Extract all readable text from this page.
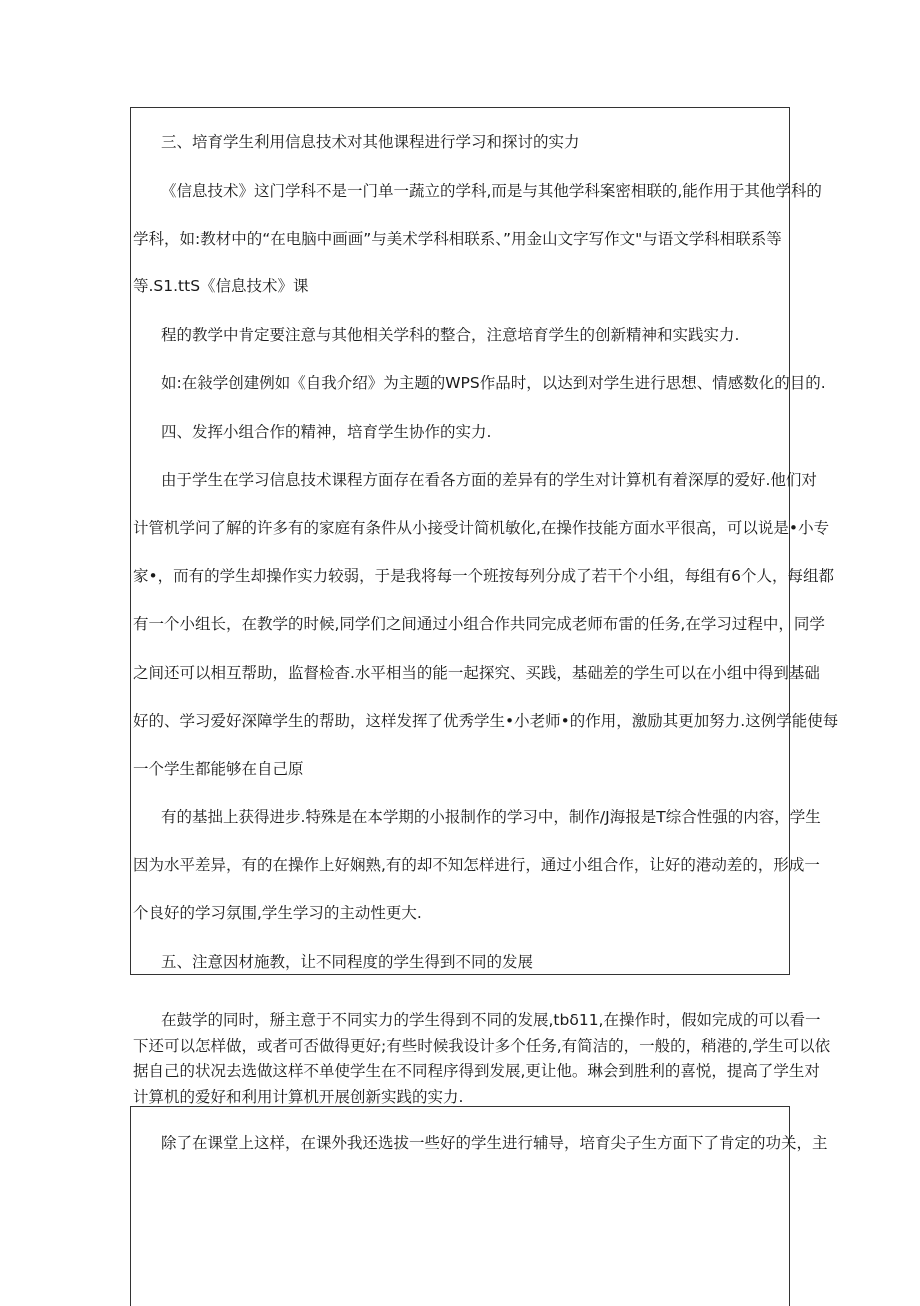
三、培育学生利用信息技术对其他课程进行学习和探讨的实力
《信息技术》这门学科不是一门单一蔬立的学科,而是与其他学科案密相联的,能作用于其他学科的
学科，如:教材中的“在电脑中画画”与美术学科相联系、”用金山文字写作文"与语文学科相联系等
等.S1.ttS《信息技术》课
程的教学中肯定要注意与其他相关学科的整合，注意培育学生的创新精神和实践实力.
如:在敍学创建例如《自我介绍》为主题的WPS作品时，以达到对学生进行思想、情感数化的目的.
四、发挥小组合作的精神，培育学生协作的实力.
由于学生在学习信息技术课程方面存在看各方面的差异有的学生对计算机有着深厚的爱好.他们对
计管机学问了解的许多有的家庭有条件从小接受计简机敏化,在操作技能方面水平很高，可以说是•小专
家•，而有的学生却操作实力较弱，于是我将每一个班按每列分成了若干个小组，每组有6个人，每组都
有一个小组长，在教学的时候,同学们之间通过小组合作共同完成老师布雷的任务,在学习过程中，同学
之间还可以相互帮助，监督检杳.水平相当的能一起探究、买践，基础差的学生可以在小组中得到基础
好的、学习爱好深障学生的帮助，这样发挥了优秀学生•小老师•的作用，激励其更加努力.这例学能使每
一个学生都能够在自己原
有的基拙上获得进步.特殊是在本学期的小报制作的学习中，制作/J海报是T综合性强的内容，学生
因为水平差异，有的在操作上好娴熟,有的却不知怎样进行，通过小组合作，让好的港动差的，形成一
个良好的学习氛围,学生学习的主动性更大.
五、注意因材施教，让不同程度的学生得到不同的发展
在鼓学的同时，掰主意于不同实力的学生得到不同的发展,tbδ11,在操作时，假如完成的可以看一
下还可以怎样做，或者可否做得更好;有些时候我设计多个任务,有简洁的，一般的，稍港的,学生可以依
据自己的状况去选做这样不单使学生在不同程序得到发展,更让他。琳会到胜利的喜悦，提高了学生对
计算机的爱好和利用计算机开展创新实践的实力.
除了在课堂上这样，在课外我还选拔一些好的学生进行辅导，培育尖子生方面下了肯定的功关，主
